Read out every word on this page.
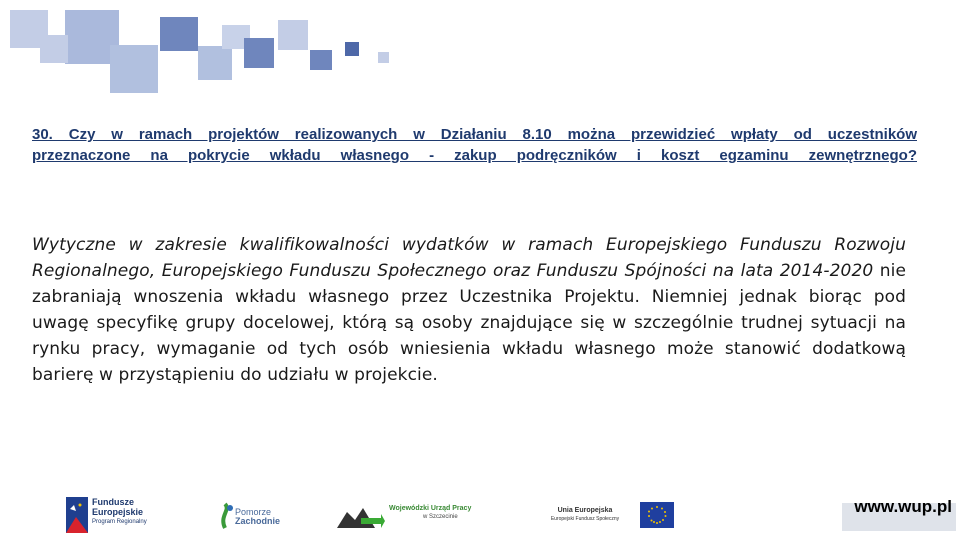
30. Czy w ramach projektów realizowanych w Działaniu 8.10 można przewidzieć wpłaty od uczestników
przeznaczone na pokrycie wkładu własnego - zakup podręczników i koszt egzaminu zewnętrznego?
Wytyczne w zakresie kwalifikowalności wydatków w ramach Europejskiego Funduszu Rozwoju Regionalnego, Europejskiego Funduszu Społecznego oraz Funduszu Spójności na lata 2014-2020 nie zabraniają wnoszenia wkładu własnego przez Uczestnika Projektu. Niemniej jednak biorąc pod uwagę specyfikę grupy docelowej, którą są osoby znajdujące się w szczególnie trudnej sytuacji na rynku pracy, wymaganie od tych osób wniesienia wkładu własnego może stanowić dodatkową barierę w przystąpieniu do udziału w projekcie.
Fundusze
Europejskie
Program Regionalny
Pomorze
Zachodnie
Wojewódzki Urząd Pracy
w Szczecinie
Unia Europejska
Europejski Fundusz Społeczny
www.wup.pl
